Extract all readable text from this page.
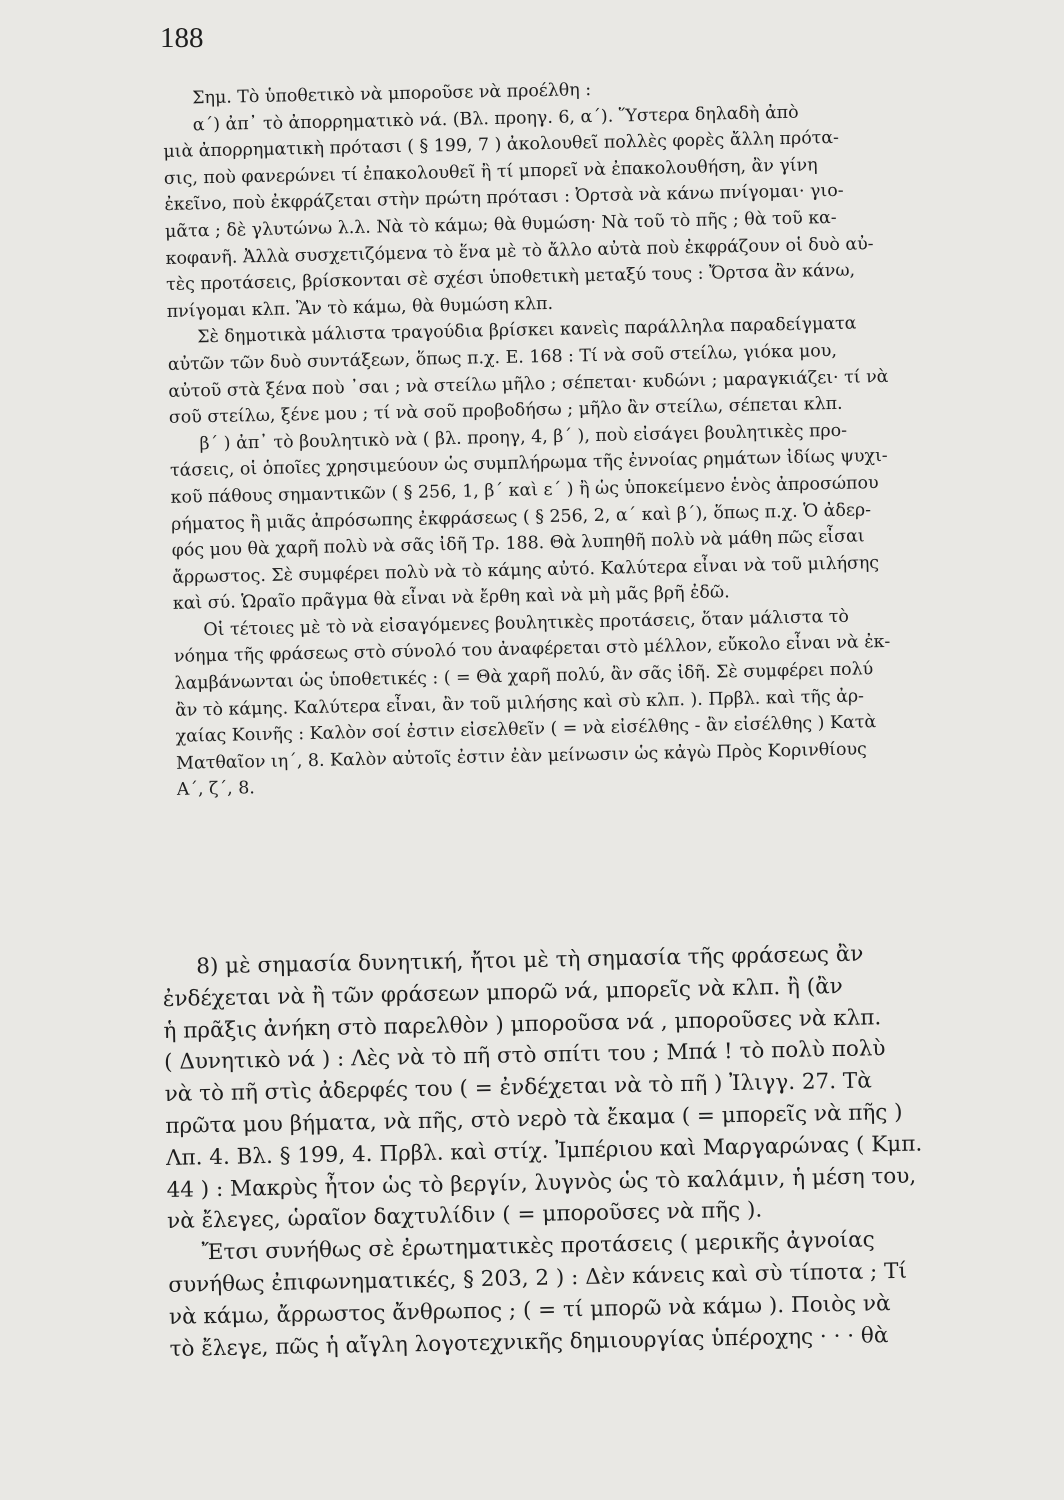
188
Σημ. Τὸ ὑποθετικὸ νὰ μποροῦσε νὰ προέλθη :
α΄) ἀπ᾽ τὸ ἀπορρηματικὸ νά. (Βλ. προηγ. 6, α΄). Ὕστερα δηλαδὴ ἀπὸ
μιὰ ἀπορρηματικὴ πρότασι ( § 199, 7 ) ἀκολουθεῖ πολλὲς φορὲς ἄλλη πρότα-
σις, ποὺ φανερώνει τί ἐπακολουθεῖ ἢ τί μπορεῖ νὰ ἐπακολουθήση, ἂν γίνη
ἐκεῖνο, ποὺ ἐκφράζεται στὴν πρώτη πρότασι : Ὀρτσὰ νὰ κάνω πνίγομαι· γιο-
μᾶτα ; δὲ γλυτώνω λ.λ. Νὰ τὸ κάμω; θὰ θυμώση· Νὰ τοῦ τὸ πῆς ; θὰ τοῦ κα-
κοφανῆ. Ἀλλὰ συσχετιζόμενα τὸ ἕνα μὲ τὸ ἄλλο αὐτὰ ποὺ ἐκφράζουν οἱ δυὸ αὐ-
τὲς προτάσεις, βρίσκονται σὲ σχέσι ὑποθετικὴ μεταξύ τους : Ὄρτσα ἂν κάνω,
πνίγομαι κλπ. Ἂν τὸ κάμω, θὰ θυμώση κλπ.
Σὲ δημοτικὰ μάλιστα τραγούδια βρίσκει κανεὶς παράλληλα παραδείγματα
αὐτῶν τῶν δυὸ συντάξεων, ὅπως π.χ. Ε. 168 : Τί νὰ σοῦ στείλω, γιόκα μου,
αὐτοῦ στὰ ξένα ποὺ ᾽σαι ; νὰ στείλω μῆλο ; σέπεται· κυδώνι ; μαραγκιάζει· τί νὰ
σοῦ στείλω, ξένε μου ; τί νὰ σοῦ προβοδήσω ; μῆλο ἂν στείλω, σέπεται κλπ.
β΄ ) ἀπ᾽ τὸ βουλητικὸ νὰ ( βλ. προηγ, 4, β΄ ), ποὺ εἰσάγει βουλητικὲς προ-
τάσεις, οἱ ὁποῖες χρησιμεύουν ὡς συμπλήρωμα τῆς ἐννοίας ρημάτων ἰδίως ψυχι-
κοῦ πάθους σημαντικῶν ( § 256, 1, β΄ καὶ ε΄ ) ἢ ὡς ὑποκείμενο ἑνὸς ἀπροσώπου
ρήματος ἢ μιᾶς ἀπρόσωπης ἐκφράσεως ( § 256, 2, α΄ καὶ β΄), ὅπως π.χ. Ὁ ἀδερ-
φός μου θὰ χαρῆ πολὺ νὰ σᾶς ἰδῆ Τρ. 188. Θὰ λυπηθῆ πολὺ νὰ μάθη πῶς εἶσαι
ἄρρωστος. Σὲ συμφέρει πολὺ νὰ τὸ κάμης αὐτό. Καλύτερα εἶναι νὰ τοῦ μιλήσης
καὶ σύ. Ὡραῖο πρᾶγμα θὰ εἶναι νὰ ἔρθη καὶ νὰ μὴ μᾶς βρῆ ἐδῶ.
Οἱ τέτοιες μὲ τὸ νὰ εἰσαγόμενες βουλητικὲς προτάσεις, ὅταν μάλιστα τὸ
νόημα τῆς φράσεως στὸ σύνολό του ἀναφέρεται στὸ μέλλον, εὔκολο εἶναι νὰ ἐκ-
λαμβάνωνται ὡς ὑποθετικές : ( = Θὰ χαρῆ πολύ, ἂν σᾶς ἰδῆ. Σὲ συμφέρει πολύ
ἂν τὸ κάμης. Καλύτερα εἶναι, ἂν τοῦ μιλήσης καὶ σὺ κλπ. ). Πρβλ. καὶ τῆς ἀρ-
χαίας Κοινῆς : Καλὸν σοί ἐστιν εἰσελθεῖν ( = νὰ εἰσέλθης - ἂν εἰσέλθης ) Κατὰ
Ματθαῖον ιη΄, 8. Καλὸν αὐτοῖς ἐστιν ἐὰν μείνωσιν ὡς κἀγὼ Πρὸς Κορινθίους
Α΄, ζ΄, 8.
8) μὲ σημασία δυνητική, ἤτοι μὲ τὴ σημασία τῆς φράσεως ἂν
ἐνδέχεται νὰ ἢ τῶν φράσεων μπορῶ νά, μπορεῖς νὰ κλπ. ἢ (ἂν
ἡ πρᾶξις ἀνήκη στὸ παρελθὸν ) μποροῦσα νά , μποροῦσες νὰ κλπ.
( Δυνητικὸ νά ) : Λὲς νὰ τὸ πῆ στὸ σπίτι του ; Μπά ! τὸ πολὺ πολὺ
νὰ τὸ πῆ στὶς ἀδερφές του ( = ἐνδέχεται νὰ τὸ πῆ ) Ἰλιγγ. 27. Τὰ
πρῶτα μου βήματα, νὰ πῆς, στὸ νερὸ τὰ ἔκαμα ( = μπορεῖς νὰ πῆς )
Λπ. 4. Βλ. § 199, 4. Πρβλ. καὶ στίχ. Ἰμπέριου καὶ Μαργαρώνας ( Κμπ.
44 ) : Μακρὺς ἦτον ὡς τὸ βεργίν, λυγνὸς ὡς τὸ καλάμιν, ἡ μέση του,
νὰ ἔλεγες, ὡραῖον δαχτυλίδιν ( = μποροῦσες νὰ πῆς ).
Ἔτσι συνήθως σὲ ἐρωτηματικὲς προτάσεις ( μερικῆς ἀγνοίας
συνήθως ἐπιφωνηματικές, § 203, 2 ) : Δὲν κάνεις καὶ σὺ τίποτα ; Τί
νὰ κάμω, ἄρρωστος ἄνθρωπος ; ( = τί μπορῶ νὰ κάμω ). Ποιὸς νὰ
τὸ ἔλεγε, πῶς ἡ αἴγλη λογοτεχνικῆς δημιουργίας ὑπέροχης · · · θὰ
